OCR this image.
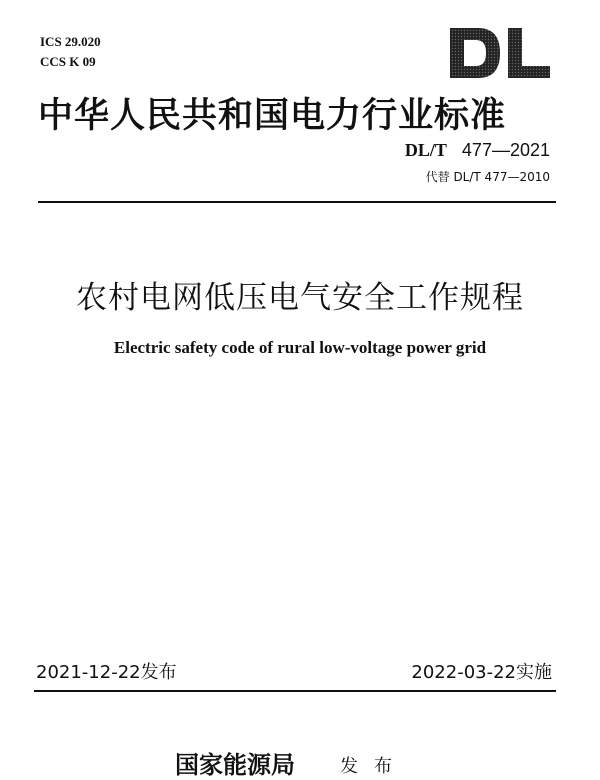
ICS 29.020
CCS K 09
DL
中华人民共和国电力行业标准
DL/T 477—2021
代替 DL/T 477—2010
农村电网低压电气安全工作规程
Electric safety code of rural low-voltage power grid
2021-12-22发布	2022-03-22实施
国家能源局	发布
